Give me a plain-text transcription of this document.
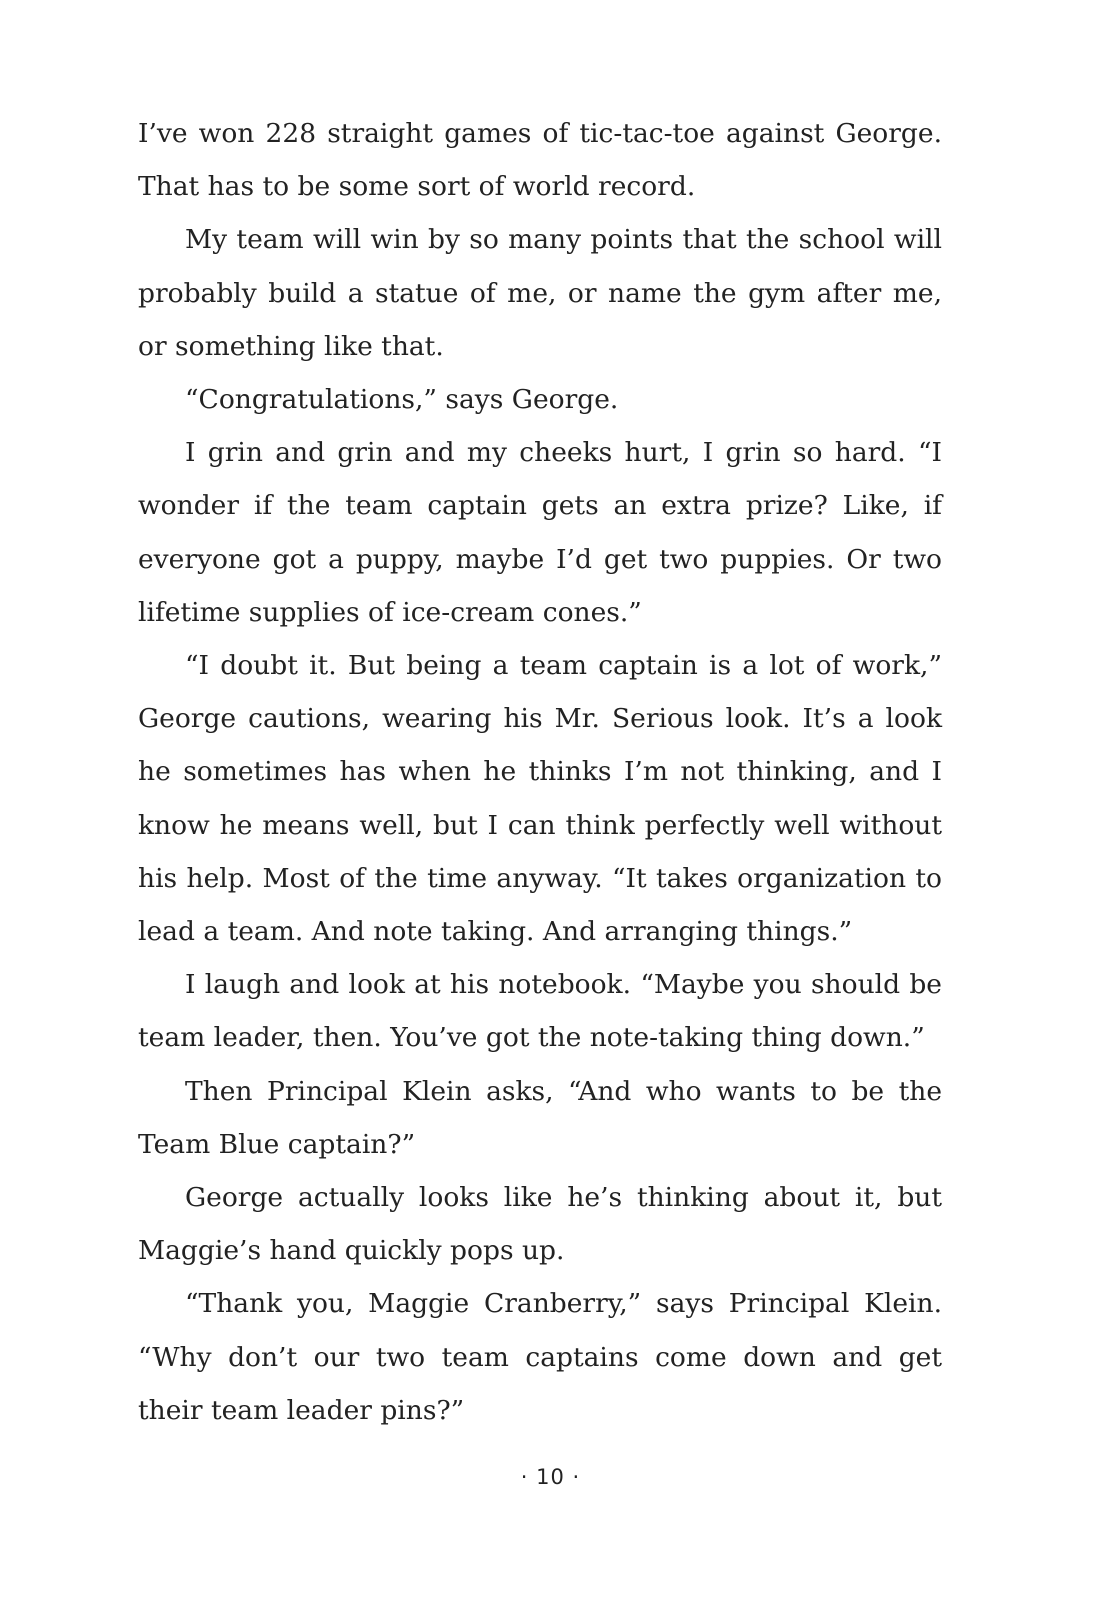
I’ve won 228 straight games of tic-tac-toe against George. That has to be some sort of world record.

My team will win by so many points that the school will probably build a statue of me, or name the gym after me, or something like that.

“Congratulations,” says George.

I grin and grin and my cheeks hurt, I grin so hard. “I wonder if the team captain gets an extra prize? Like, if everyone got a puppy, maybe I’d get two puppies. Or two lifetime supplies of ice-cream cones.”

“I doubt it. But being a team captain is a lot of work,” George cautions, wearing his Mr. Serious look. It’s a look he sometimes has when he thinks I’m not thinking, and I know he means well, but I can think perfectly well without his help. Most of the time anyway. “It takes organization to lead a team. And note taking. And arranging things.”

I laugh and look at his notebook. “Maybe you should be team leader, then. You’ve got the note-taking thing down.”

Then Principal Klein asks, “And who wants to be the Team Blue captain?”

George actually looks like he’s thinking about it, but Maggie’s hand quickly pops up.

“Thank you, Maggie Cranberry,” says Principal Klein. “Why don’t our two team captains come down and get their team leader pins?”

· 10 ·
